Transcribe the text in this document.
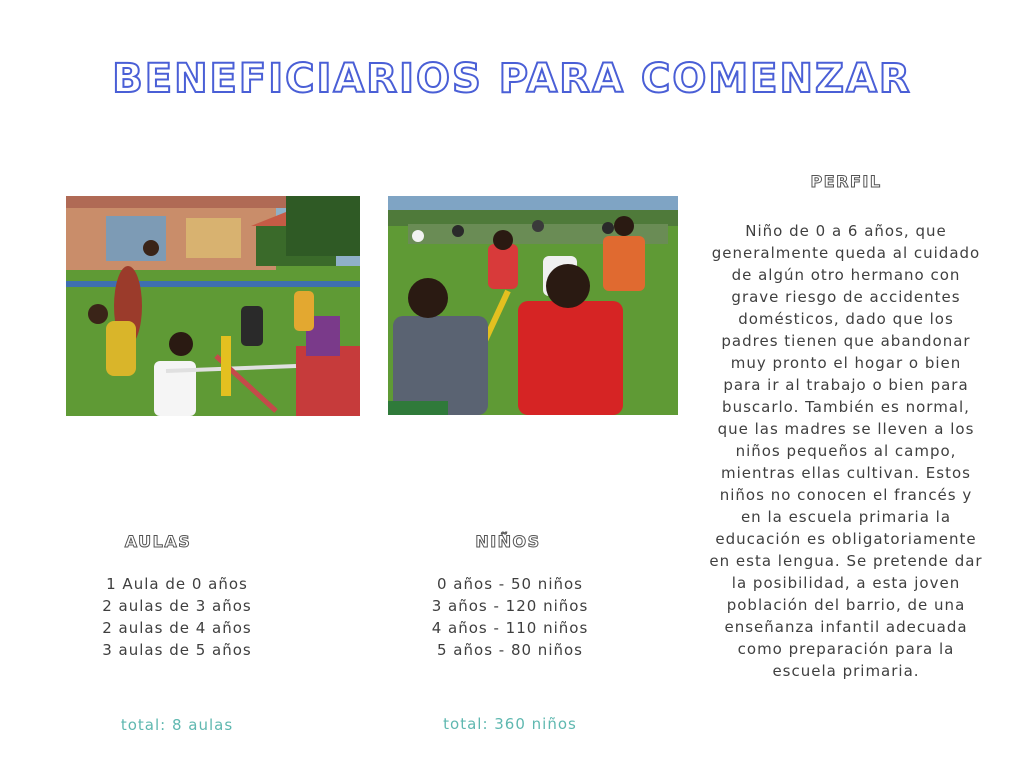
BENEFICIARIOS PARA COMENZAR
PERFIL
Niño de 0 a 6 años, que
generalmente queda al cuidado
de algún otro hermano con
grave riesgo de accidentes
domésticos, dado que los
padres tienen que abandonar
muy pronto el hogar o bien
para ir al trabajo o bien para
buscarlo. También es normal,
que las madres se lleven a los
niños pequeños al campo,
mientras ellas cultivan. Estos
niños no conocen el francés y
en la escuela primaria la
educación es obligatoriamente
en esta lengua. Se pretende dar
la posibilidad, a esta joven
población del barrio, de una
enseñanza infantil adecuada
como preparación para la
escuela primaria.
AULAS
1 Aula de 0 años
2 aulas de 3 años
2 aulas de 4 años
3 aulas de 5 años
total: 8 aulas
NIÑOS
0 años - 50 niños
3 años - 120 niños
4 años - 110 niños
5 años - 80 niños
total: 360 niños
